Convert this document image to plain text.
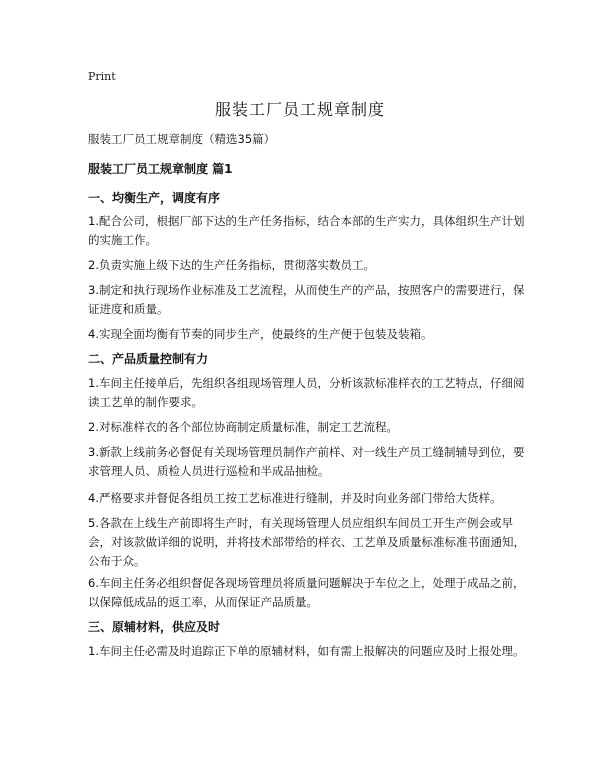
Print
服装工厂员工规章制度

服装工厂员工规章制度（精选35篇）

服装工厂员工规章制度 篇1
一、均衡生产，调度有序

1.配合公司，根据厂部下达的生产任务指标，结合本部的生产实力，具体组织生产计划的实施工作。

2.负责实施上级下达的生产任务指标，贯彻落实数员工。

3.制定和执行现场作业标准及工艺流程，从而使生产的产品，按照客户的需要进行，保证进度和质量。

4.实现全面均衡有节奏的同步生产，使最终的生产便于包装及装箱。

二、产品质量控制有力

1.车间主任接单后，先组织各组现场管理人员，分析该款标准样衣的工艺特点，仔细阅读工艺单的制作要求。

2.对标准样衣的各个部位协商制定质量标准，制定工艺流程。

3.新款上线前务必督促有关现场管理员制作产前样、对一线生产员工缝制辅导到位，要求管理人员、质检人员进行巡检和半成品抽检。

4.严格要求并督促各组员工按工艺标准进行缝制，并及时向业务部门带给大货样。

5.各款在上线生产前即将生产时，有关现场管理人员应组织车间员工开生产例会或早会，对该款做详细的说明，并将技术部带给的样衣、工艺单及质量标准标准书面通知，公布于众。

6.车间主任务必组织督促各现场管理员将质量问题解决于车位之上，处理于成品之前，以保障低成品的返工率，从而保证产品质量。

三、原辅材料，供应及时

1.车间主任必需及时追踪正下单的原辅材料，如有需上报解决的问题应及时上报处理。
